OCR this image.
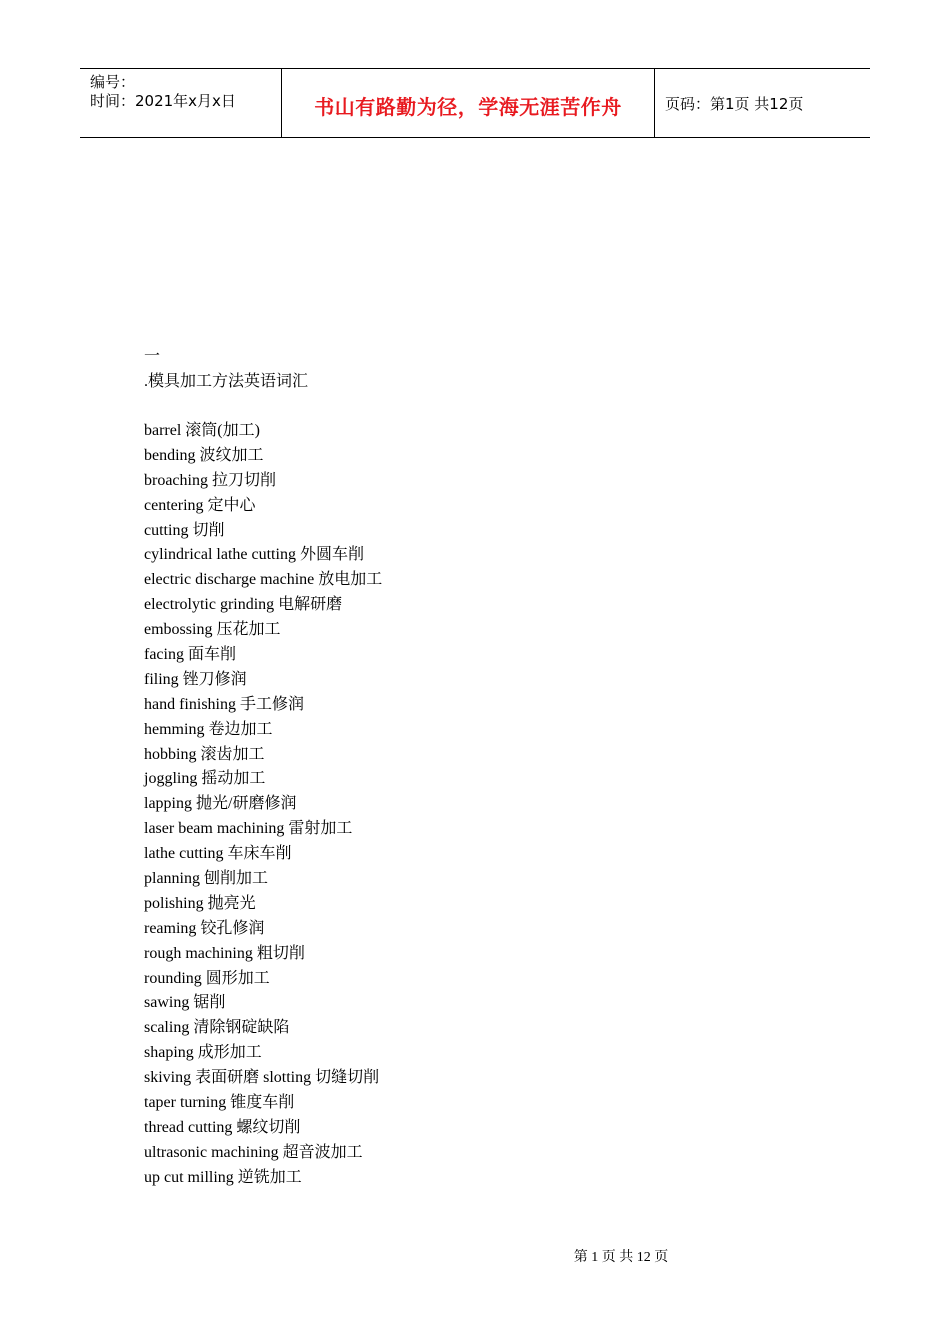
编号：
时间：2021年x月x日	书山有路勤为径，学海无涯苦作舟	页码：第1页 共12页
一
.模具加工方法英语词汇
barrel 滚筒(加工)
bending 波纹加工
broaching 拉刀切削
centering 定中心
cutting 切削
cylindrical lathe cutting 外圆车削
electric discharge machine 放电加工
electrolytic grinding 电解研磨
embossing 压花加工
facing 面车削
filing 锉刀修润
hand finishing 手工修润
hemming 卷边加工
hobbing 滚齿加工
joggling 摇动加工
lapping 抛光/研磨修润
laser beam machining 雷射加工
lathe cutting 车床车削
planning 刨削加工
polishing 抛亮光
reaming 铰孔修润
rough machining 粗切削
rounding 圆形加工
sawing 锯削
scaling 清除钢碇缺陷
shaping 成形加工
skiving 表面研磨 slotting 切缝切削
taper turning 锥度车削
thread cutting 螺纹切削
ultrasonic machining 超音波加工
up cut milling 逆铣加工
第 1 页 共 12 页
